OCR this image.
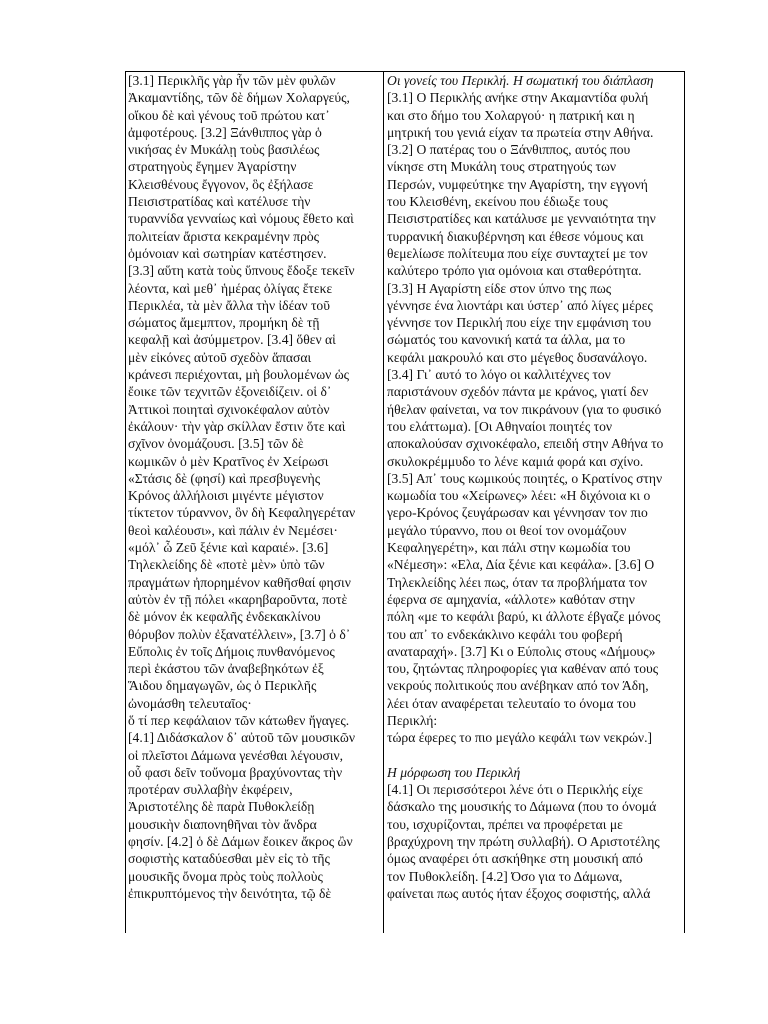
[3.1] Περικλῆς γὰρ ἦν τῶν μὲν φυλῶν
Ἀκαμαντίδης, τῶν δὲ δήμων Χολαργεύς,
οἴκου δὲ καὶ γένους τοῦ πρώτου κατ᾽
ἀμφοτέρους. [3.2] Ξάνθιππος γὰρ ὁ
νικήσας ἐν Μυκάλῃ τοὺς βασιλέως
στρατηγοὺς ἔγημεν Ἀγαρίστην
Κλεισθένους ἔγγονον, ὃς ἐξήλασε
Πεισιστρατίδας καὶ κατέλυσε τὴν
τυραννίδα γενναίως καὶ νόμους ἔθετο καὶ
πολιτείαν ἄριστα κεκραμένην πρὸς
ὁμόνοιαν καὶ σωτηρίαν κατέστησεν.
[3.3] αὕτη κατὰ τοὺς ὕπνους ἔδοξε τεκεῖν
λέοντα, καὶ μεθ᾽ ἡμέρας ὀλίγας ἔτεκε
Περικλέα, τὰ μὲν ἄλλα τὴν ἰδέαν τοῦ
σώματος ἄμεμπτον, προμήκη δὲ τῇ
κεφαλῇ καὶ ἀσύμμετρον. [3.4] ὅθεν αἱ
μὲν εἰκόνες αὐτοῦ σχεδὸν ἅπασαι
κράνεσι περιέχονται, μὴ βουλομένων ὡς
ἔοικε τῶν τεχνιτῶν ἐξονειδίζειν. οἱ δ᾽
Ἀττικοὶ ποιηταὶ σχινοκέφαλον αὐτὸν
ἐκάλουν· τὴν γὰρ σκίλλαν ἔστιν ὅτε καὶ
σχῖνον ὀνομάζουσι. [3.5] τῶν δὲ
κωμικῶν ὁ μὲν Κρατῖνος ἐν Χείρωσι
«Στάσις δὲ (φησί) καὶ πρεσβυγενὴς
Κρόνος ἀλλήλοισι μιγέντε μέγιστον
τίκτετον τύραννον, ὃν δὴ Κεφαληγερέταν
θεοὶ καλέουσι», καὶ πάλιν ἐν Νεμέσει·
«μόλ᾽ ὦ Ζεῦ ξένιε καὶ καραιέ». [3.6]
Τηλεκλείδης δὲ «ποτὲ μὲν» ὑπὸ τῶν
πραγμάτων ἠπορημένον καθῆσθαί φησιν
αὐτὸν ἐν τῇ πόλει «καρηβαροῦντα, ποτὲ
δὲ μόνον ἐκ κεφαλῆς ἐνδεκακλίνου
θόρυβον πολὺν ἐξανατέλλειν», [3.7] ὁ δ᾽
Εὔπολις ἐν τοῖς Δήμοις πυνθανόμενος
περὶ ἑκάστου τῶν ἀναβεβηκότων ἐξ
Ἅιδου δημαγωγῶν, ὡς ὁ Περικλῆς
ὠνομάσθη τελευταῖος·
ὅ τί περ κεφάλαιον τῶν κάτωθεν ἤγαγες.
[4.1] Διδάσκαλον δ᾽ αὐτοῦ τῶν μουσικῶν
οἱ πλεῖστοι Δάμωνα γενέσθαι λέγουσιν,
οὗ φασι δεῖν τοὔνομα βραχύνοντας τὴν
προτέραν συλλαβὴν ἐκφέρειν,
Ἀριστοτέλης δὲ παρὰ Πυθοκλείδῃ
μουσικὴν διαπονηθῆναι τὸν ἄνδρα
φησίν. [4.2] ὁ δὲ Δάμων ἔοικεν ἄκρος ὢν
σοφιστὴς καταδύεσθαι μὲν εἰς τὸ τῆς
μουσικῆς ὄνομα πρὸς τοὺς πολλοὺς
ἐπικρυπτόμενος τὴν δεινότητα, τῷ δὲ
Οι γονείς του Περικλή. Η σωματική του διάπλαση
[3.1] Ο Περικλής ανήκε στην Ακαμαντίδα φυλή
και στο δήμο του Χολαργού· η πατρική και η
μητρική του γενιά είχαν τα πρωτεία στην Αθήνα.
[3.2] Ο πατέρας του ο Ξάνθιππος, αυτός που
νίκησε στη Μυκάλη τους στρατηγούς των
Περσών, νυμφεύτηκε την Αγαρίστη, την εγγονή
του Κλεισθένη, εκείνου που έδιωξε τους
Πεισιστρατίδες και κατάλυσε με γενναιότητα την
τυρρανική διακυβέρνηση και έθεσε νόμους και
θεμελίωσε πολίτευμα που είχε συνταχτεί με τον
καλύτερο τρόπο για ομόνοια και σταθερότητα.
[3.3] Η Αγαρίστη είδε στον ύπνο της πως
γέννησε ένα λιοντάρι και ύστερ᾽ από λίγες μέρες
γέννησε τον Περικλή που είχε την εμφάνιση του
σώματός του κανονική κατά τα άλλα, μα το
κεφάλι μακρουλό και στο μέγεθος δυσανάλογο.
[3.4] Γι᾽ αυτό το λόγο οι καλλιτέχνες τον
παριστάνουν σχεδόν πάντα με κράνος, γιατί δεν
ήθελαν φαίνεται, να τον πικράνουν (για το φυσικό
του ελάττωμα). [Οι Αθηναίοι ποιητές τον
αποκαλούσαν σχινοκέφαλο, επειδή στην Αθήνα το
σκυλοκρέμμυδο το λένε καμιά φορά και σχίνο.
[3.5] Απ᾽ τους κωμικούς ποιητές, ο Κρατίνος στην
κωμωδία του «Χείρωνες» λέει: «Η διχόνοια κι ο
γερο-Κρόνος ζευγάρωσαν και γέννησαν τον πιο
μεγάλο τύραννο, που οι θεοί τον ονομάζουν
Κεφαληγερέτη», και πάλι στην κωμωδία του
«Νέμεση»: «Ελα, Δία ξένιε και κεφάλα». [3.6] Ο
Τηλεκλείδης λέει πως, όταν τα προβλήματα τον
έφερνα σε αμηχανία, «άλλοτε» καθόταν στην
πόλη «με το κεφάλι βαρύ, κι άλλοτε έβγαζε μόνος
του απ᾽ το ενδεκάκλινο κεφάλι του φοβερή
αναταραχή». [3.7] Κι ο Εύπολις στους «Δήμους»
του, ζητώντας πληροφορίες για καθέναν από τους
νεκρούς πολιτικούς που ανέβηκαν από τον Άδη,
λέει όταν αναφέρεται τελευταίο το όνομα του
Περικλή:
τώρα έφερες το πιο μεγάλο κεφάλι των νεκρών.]
Η μόρφωση του Περικλή
[4.1] Οι περισσότεροι λένε ότι ο Περικλής είχε
δάσκαλο της μουσικής το Δάμωνα (που το όνομά
του, ισχυρίζονται, πρέπει να προφέρεται με
βραχύχρονη την πρώτη συλλαβή). Ο Αριστοτέλης
όμως αναφέρει ότι ασκήθηκε στη μουσική από
τον Πυθοκλείδη. [4.2] Όσο για το Δάμωνα,
φαίνεται πως αυτός ήταν έξοχος σοφιστής, αλλά
